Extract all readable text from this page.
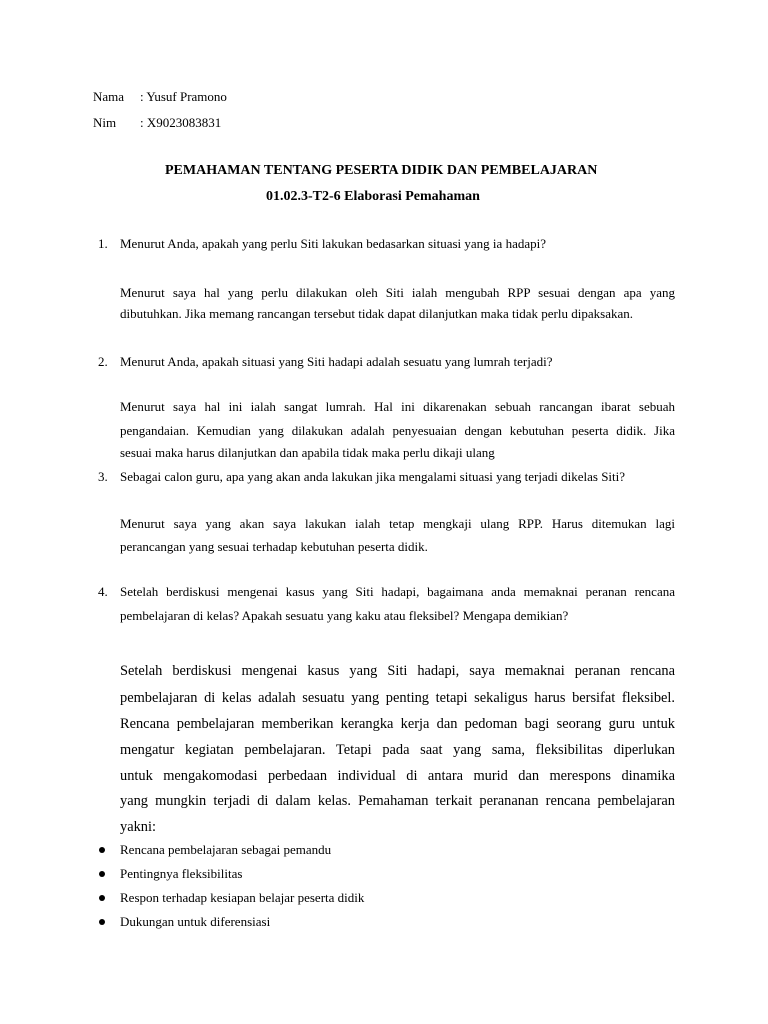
Nama : Yusuf Pramono
Nim : X9023083831
PEMAHAMAN TENTANG PESERTA DIDIK DAN PEMBELAJARAN
01.02.3-T2-6 Elaborasi Pemahaman
1. Menurut Anda, apakah yang perlu Siti lakukan bedasarkan situasi yang ia hadapi?
Menurut saya hal yang perlu dilakukan oleh Siti ialah mengubah RPP sesuai dengan apa yang
dibutuhkan. Jika memang rancangan tersebut tidak dapat dilanjutkan maka tidak perlu dipaksakan.
2. Menurut Anda, apakah situasi yang Siti hadapi adalah sesuatu yang lumrah terjadi?
Menurut saya hal ini ialah sangat lumrah. Hal ini dikarenakan sebuah rancangan ibarat sebuah
pengandaian. Kemudian yang dilakukan adalah penyesuaian dengan kebutuhan peserta didik. Jika
sesuai maka harus dilanjutkan dan apabila tidak maka perlu dikaji ulang
3. Sebagai calon guru, apa yang akan anda lakukan jika mengalami situasi yang terjadi dikelas Siti?
Menurut saya yang akan saya lakukan ialah tetap mengkaji ulang RPP. Harus ditemukan lagi
perancangan yang sesuai terhadap kebutuhan peserta didik.
4. Setelah berdiskusi mengenai kasus yang Siti hadapi, bagaimana anda memaknai peranan rencana
pembelajaran di kelas? Apakah sesuatu yang kaku atau fleksibel? Mengapa demikian?
Setelah berdiskusi mengenai kasus yang Siti hadapi, saya memaknai peranan rencana
pembelajaran di kelas adalah sesuatu yang penting tetapi sekaligus harus bersifat fleksibel.
Rencana pembelajaran memberikan kerangka kerja dan pedoman bagi seorang guru untuk
mengatur kegiatan pembelajaran. Tetapi pada saat yang sama, fleksibilitas diperlukan
untuk mengakomodasi perbedaan individual di antara murid dan merespons dinamika
yang mungkin terjadi di dalam kelas. Pemahaman terkait perananan rencana pembelajaran
yakni:
Rencana pembelajaran sebagai pemandu
Pentingnya fleksibilitas
Respon terhadap kesiapan belajar peserta didik
Dukungan untuk diferensiasi
